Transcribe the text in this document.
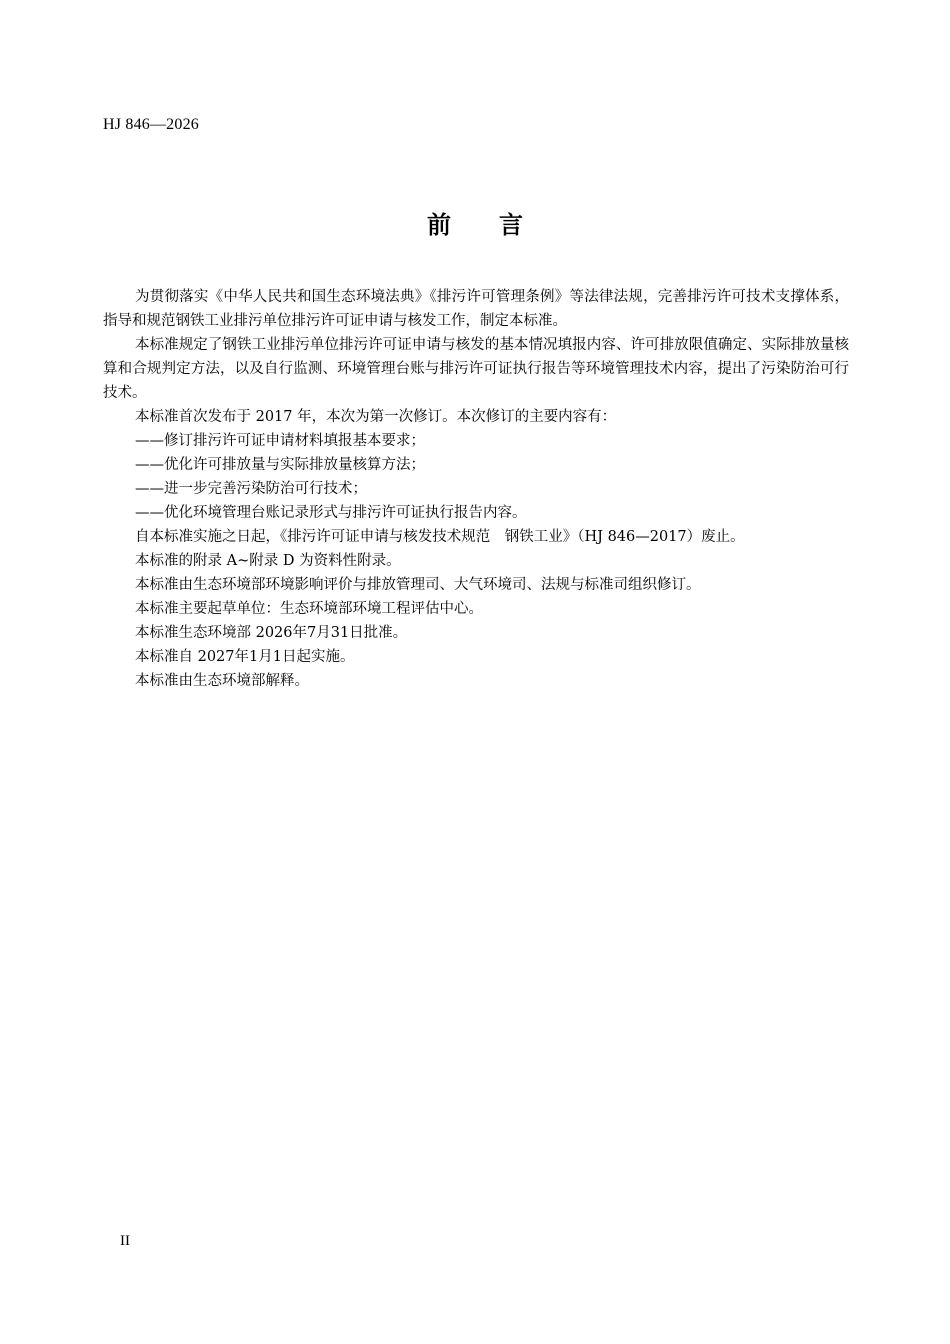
HJ 846—2026
前言

为贯彻落实《中华人民共和国生态环境法典》《排污许可管理条例》等法律法规，完善排污许可技术支撑体系，指导和规范钢铁工业排污单位排污许可证申请与核发工作，制定本标准。

本标准规定了钢铁工业排污单位排污许可证申请与核发的基本情况填报内容、许可排放限值确定、实际排放量核算和合规判定方法，以及自行监测、环境管理台账与排污许可证执行报告等环境管理技术内容，提出了污染防治可行技术。

本标准首次发布于 2017 年，本次为第一次修订。本次修订的主要内容有：

——修订排污许可证申请材料填报基本要求；

——优化许可排放量与实际排放量核算方法；

——进一步完善污染防治可行技术；

——优化环境管理台账记录形式与排污许可证执行报告内容。

自本标准实施之日起，《排污许可证申请与核发技术规范　钢铁工业》（HJ 846—2017）废止。

本标准的附录 A~附录 D 为资料性附录。

本标准由生态环境部环境影响评价与排放管理司、大气环境司、法规与标准司组织修订。

本标准主要起草单位：生态环境部环境工程评估中心。

本标准生态环境部 2026年7月31日批准。

本标准自 2027年1月1日起实施。

本标准由生态环境部解释。

II
